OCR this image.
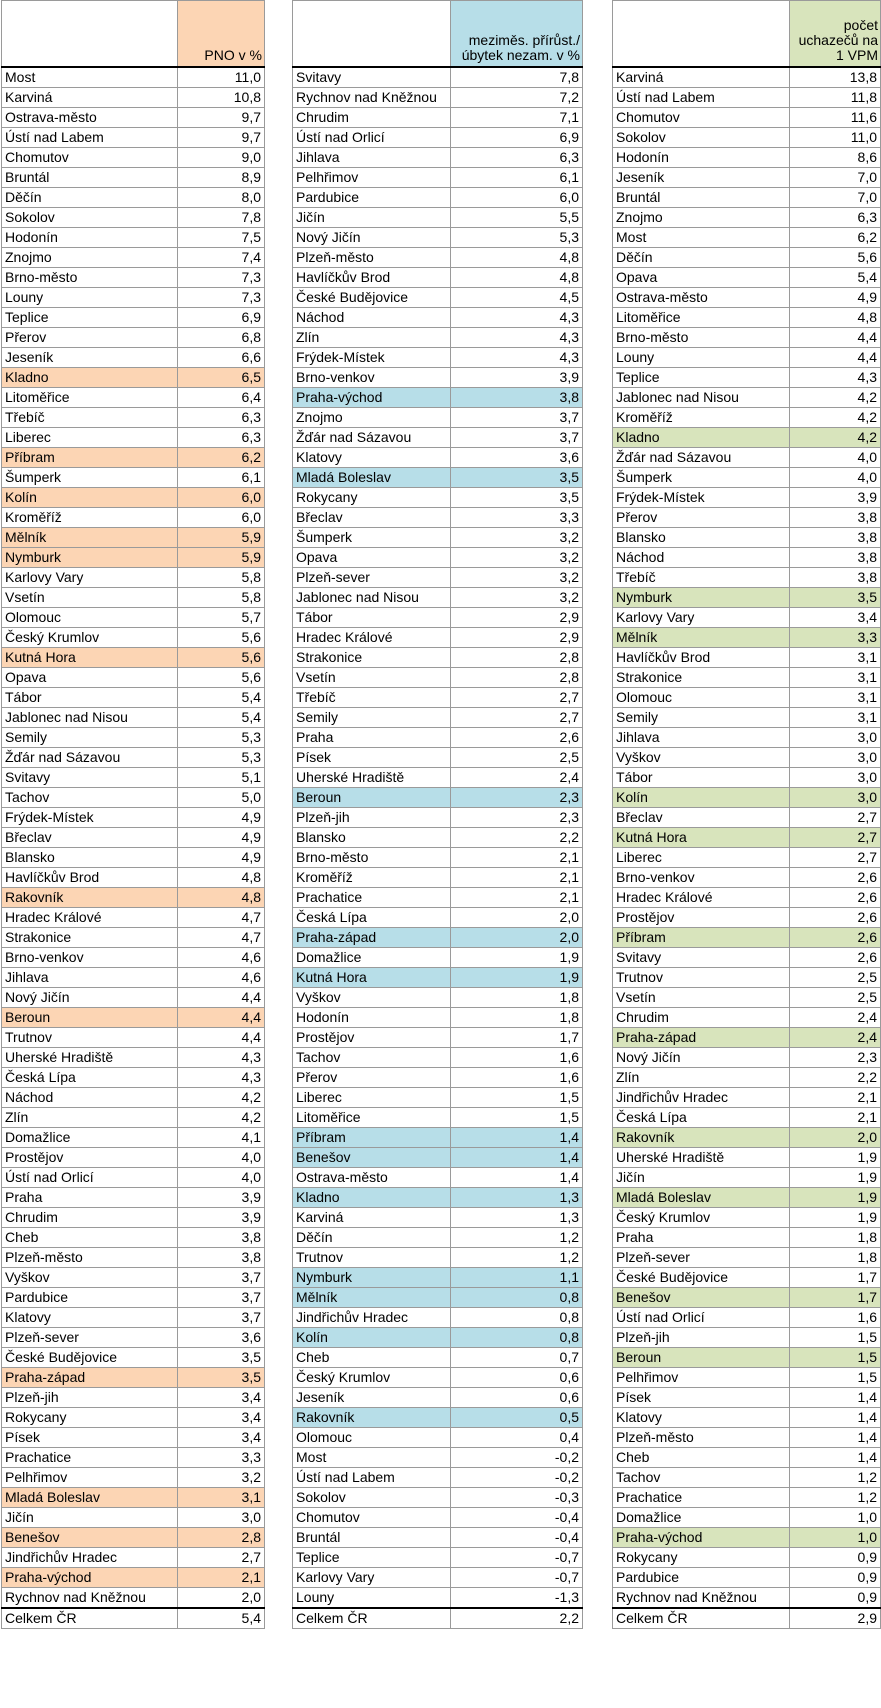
	PNO v %
Most	11,0
Karviná	10,8
Ostrava-město	9,7
Ústí nad Labem	9,7
Chomutov	9,0
Bruntál	8,9
Děčín	8,0
Sokolov	7,8
Hodonín	7,5
Znojmo	7,4
Brno-město	7,3
Louny	7,3
Teplice	6,9
Přerov	6,8
Jeseník	6,6
Kladno	6,5
Litoměřice	6,4
Třebíč	6,3
Liberec	6,3
Příbram	6,2
Šumperk	6,1
Kolín	6,0
Kroměříž	6,0
Mělník	5,9
Nymburk	5,9
Karlovy Vary	5,8
Vsetín	5,8
Olomouc	5,7
Český Krumlov	5,6
Kutná Hora	5,6
Opava	5,6
Tábor	5,4
Jablonec nad Nisou	5,4
Semily	5,3
Žďár nad Sázavou	5,3
Svitavy	5,1
Tachov	5,0
Frýdek-Místek	4,9
Břeclav	4,9
Blansko	4,9
Havlíčkův Brod	4,8
Rakovník	4,8
Hradec Králové	4,7
Strakonice	4,7
Brno-venkov	4,6
Jihlava	4,6
Nový Jičín	4,4
Beroun	4,4
Trutnov	4,4
Uherské Hradiště	4,3
Česká Lípa	4,3
Náchod	4,2
Zlín	4,2
Domažlice	4,1
Prostějov	4,0
Ústí nad Orlicí	4,0
Praha	3,9
Chrudim	3,9
Cheb	3,8
Plzeň-město	3,8
Vyškov	3,7
Pardubice	3,7
Klatovy	3,7
Plzeň-sever	3,6
České Budějovice	3,5
Praha-západ	3,5
Plzeň-jih	3,4
Rokycany	3,4
Písek	3,4
Prachatice	3,3
Pelhřimov	3,2
Mladá Boleslav	3,1
Jičín	3,0
Benešov	2,8
Jindřichův Hradec	2,7
Praha-východ	2,1
Rychnov nad Kněžnou	2,0
Celkem ČR	5,4
	meziměs. přírůst./ úbytek nezam. v %
Svitavy	7,8
Rychnov nad Kněžnou	7,2
Chrudim	7,1
Ústí nad Orlicí	6,9
Jihlava	6,3
Pelhřimov	6,1
Pardubice	6,0
Jičín	5,5
Nový Jičín	5,3
Plzeň-město	4,8
Havlíčkův Brod	4,8
České Budějovice	4,5
Náchod	4,3
Zlín	4,3
Frýdek-Místek	4,3
Brno-venkov	3,9
Praha-východ	3,8
Znojmo	3,7
Žďár nad Sázavou	3,7
Klatovy	3,6
Mladá Boleslav	3,5
Rokycany	3,5
Břeclav	3,3
Šumperk	3,2
Opava	3,2
Plzeň-sever	3,2
Jablonec nad Nisou	3,2
Tábor	2,9
Hradec Králové	2,9
Strakonice	2,8
Vsetín	2,8
Třebíč	2,7
Semily	2,7
Praha	2,6
Písek	2,5
Uherské Hradiště	2,4
Beroun	2,3
Plzeň-jih	2,3
Blansko	2,2
Brno-město	2,1
Kroměříž	2,1
Prachatice	2,1
Česká Lípa	2,0
Praha-západ	2,0
Domažlice	1,9
Kutná Hora	1,9
Vyškov	1,8
Hodonín	1,8
Prostějov	1,7
Tachov	1,6
Přerov	1,6
Liberec	1,5
Litoměřice	1,5
Příbram	1,4
Benešov	1,4
Ostrava-město	1,4
Kladno	1,3
Karviná	1,3
Děčín	1,2
Trutnov	1,2
Nymburk	1,1
Mělník	0,8
Jindřichův Hradec	0,8
Kolín	0,8
Cheb	0,7
Český Krumlov	0,6
Jeseník	0,6
Rakovník	0,5
Olomouc	0,4
Most	-0,2
Ústí nad Labem	-0,2
Sokolov	-0,3
Chomutov	-0,4
Bruntál	-0,4
Teplice	-0,7
Karlovy Vary	-0,7
Louny	-1,3
Celkem ČR	2,2
	počet uchazečů na 1 VPM
Karviná	13,8
Ústí nad Labem	11,8
Chomutov	11,6
Sokolov	11,0
Hodonín	8,6
Jeseník	7,0
Bruntál	7,0
Znojmo	6,3
Most	6,2
Děčín	5,6
Opava	5,4
Ostrava-město	4,9
Litoměřice	4,8
Brno-město	4,4
Louny	4,4
Teplice	4,3
Jablonec nad Nisou	4,2
Kroměříž	4,2
Kladno	4,2
Žďár nad Sázavou	4,0
Šumperk	4,0
Frýdek-Místek	3,9
Přerov	3,8
Blansko	3,8
Náchod	3,8
Třebíč	3,8
Nymburk	3,5
Karlovy Vary	3,4
Mělník	3,3
Havlíčkův Brod	3,1
Strakonice	3,1
Olomouc	3,1
Semily	3,1
Jihlava	3,0
Vyškov	3,0
Tábor	3,0
Kolín	3,0
Břeclav	2,7
Kutná Hora	2,7
Liberec	2,7
Brno-venkov	2,6
Hradec Králové	2,6
Prostějov	2,6
Příbram	2,6
Svitavy	2,6
Trutnov	2,5
Vsetín	2,5
Chrudim	2,4
Praha-západ	2,4
Nový Jičín	2,3
Zlín	2,2
Jindřichův Hradec	2,1
Česká Lípa	2,1
Rakovník	2,0
Uherské Hradiště	1,9
Jičín	1,9
Mladá Boleslav	1,9
Český Krumlov	1,9
Praha	1,8
Plzeň-sever	1,8
České Budějovice	1,7
Benešov	1,7
Ústí nad Orlicí	1,6
Plzeň-jih	1,5
Beroun	1,5
Pelhřimov	1,5
Písek	1,4
Klatovy	1,4
Plzeň-město	1,4
Cheb	1,4
Tachov	1,2
Prachatice	1,2
Domažlice	1,0
Praha-východ	1,0
Rokycany	0,9
Pardubice	0,9
Rychnov nad Kněžnou	0,9
Celkem ČR	2,9
